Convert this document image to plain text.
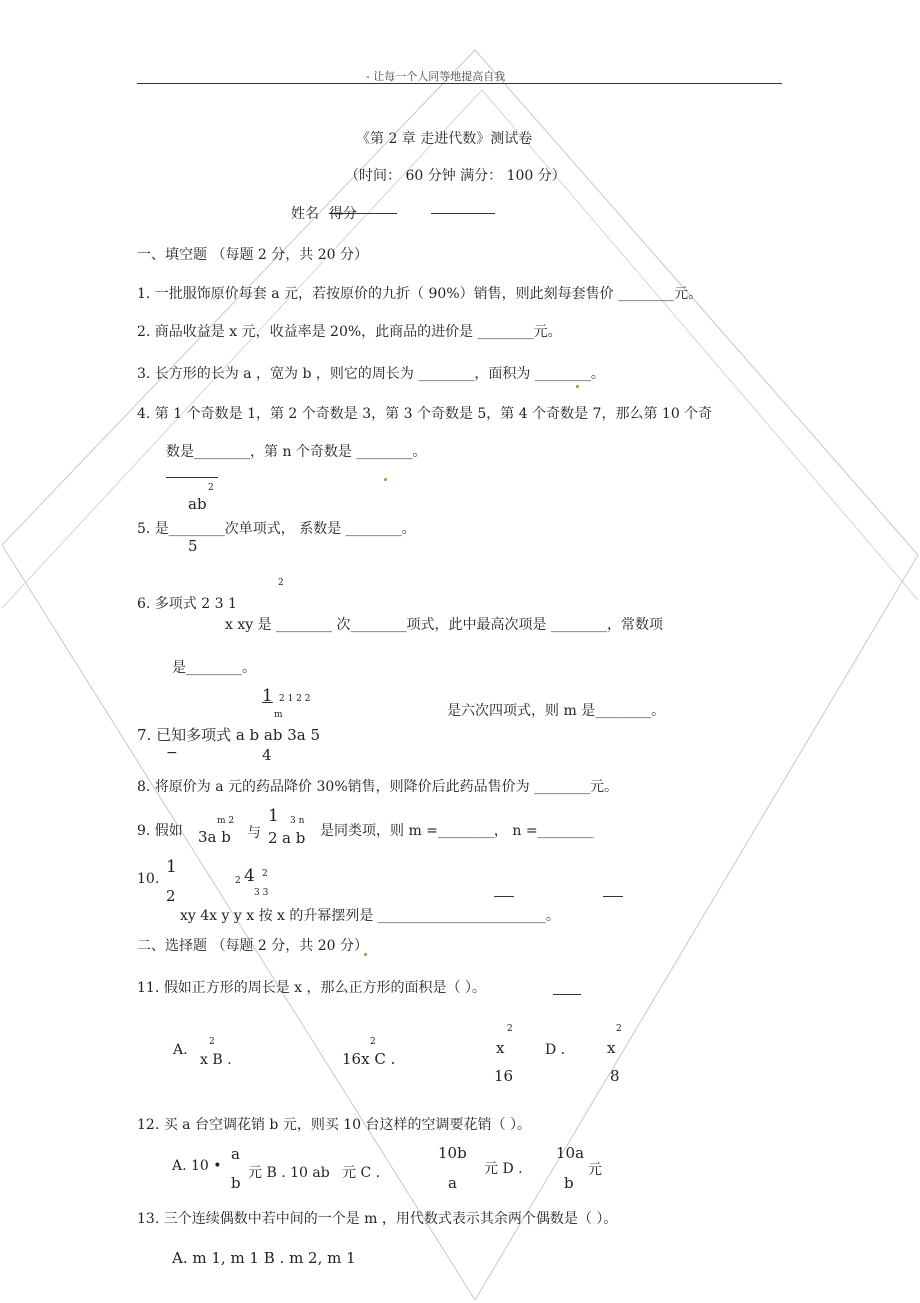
- 让每一个人同等地提高自我
《第 2 章 走进代数》测试卷
（时间： 60 分钟 满分： 100 分）
姓名 得分
一、填空题 （每题 2 分，共 20 分）
1. 一批服饰原价每套 a 元，若按原价的九折（ 90%）销售，则此刻每套售价 ________元。
2. 商品收益是 x 元，收益率是 20%，此商品的进价是 ________元。
3. 长方形的长为 a ，宽为 b ，则它的周长为 ________，面积为 ________。
4. 第 1 个奇数是 1，第 2 个奇数是 3，第 3 个奇数是 5，第 4 个奇数是 7，那么第 10 个奇
数是________，第 n 个奇数是 ________。
2
ab
5. 是________次单项式， 系数是 ________。
5
2
6. 多项式 2 3 1
x xy 是 ________ 次________项式，此中最高次项是 ________，常数项
是________。
1 2 1 2 2
m	是六次四项式，则 m 是________。
7. 已知多项式 a b ab 3a 5
−	4
8. 将原价为 a 元的药品降价 30%销售，则降价后此药品售价为 ________元。
1
m 2	3 n
9. 假如 3a b 与 2 a b 是同类项，则 m =________， n =________
1	2
2 4
10.
3 3
2
xy 4x y y x 按 x 的升幂摆列是 ________________________。
二、选择题 （每题 2 分，共 20 分）
11. 假如正方形的周长是 x ，那么正方形的面积是（ ）。
2	2
2	2
A.
x B .	16x C .
x	D .	x
16	8
12. 买 a 台空调花销 b 元，则买 10 台这样的空调要花销（ ）。
a	10b	10a
A. 10 • 元 B . 10 ab 元 C .	元 D .	元
b	a	b
13. 三个连续偶数中若中间的一个是 m ，用代数式表示其余两个偶数是（ ）。
A. m 1, m 1 B . m 2, m 1
